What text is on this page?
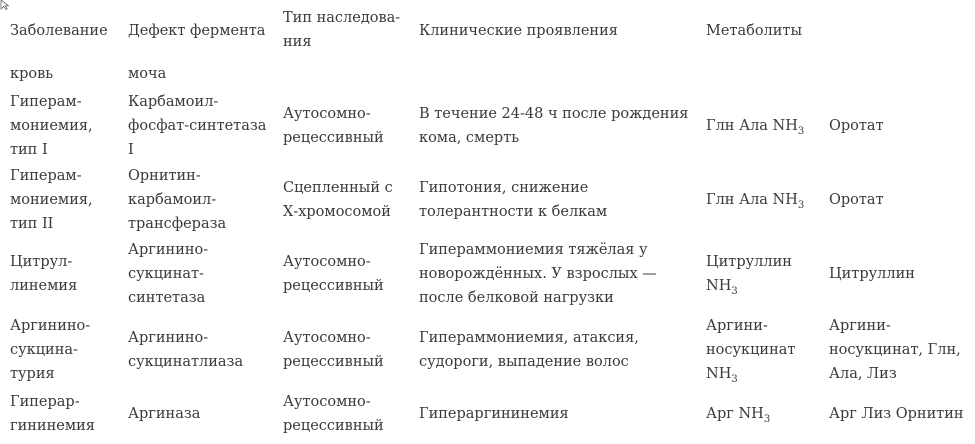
Заболевание	Дефект фермента	Тип наследова-ния	Клинические проявления	Метаболиты	
кровь	моча				
Гиперам-мониемия, тип I	Карбамоил-фосфат-синтетаза I	Аутосомно-рецессивный	В течение 24-48 ч после рождения кома, смерть	Глн Ала $NH_3$	Оротат
Гиперам-мониемия, тип II	Орнитин-карбамоил-трансфераза	Сцепленный с Х-хромосомой	Гипотония, снижение толерантности к белкам	Глн Ала $NH_3$	Оротат
Цитрул-линемия	Аргинино-сукцинат-синтетаза	Аутосомно-рецессивный	Гипераммониемия тяжёлая у новорождённых. У взрослых — после белковой нагрузки	Цитруллин $NH_3$	Цитруллин
Аргинино-сукцина-турия	Аргинино-сукцинатлиаза	Аутосомно-рецессивный	Гипераммониемия, атаксия, судороги, выпадение волос	Аргини-носукцинат $NH_3$	Аргини-носукцинат, Глн, Ала, Лиз
Гиперар-гининемия	Аргиназа	Аутосомно-рецессивный	Гипераргининемия	Арг $NH_3$	Арг Лиз Орнитин
